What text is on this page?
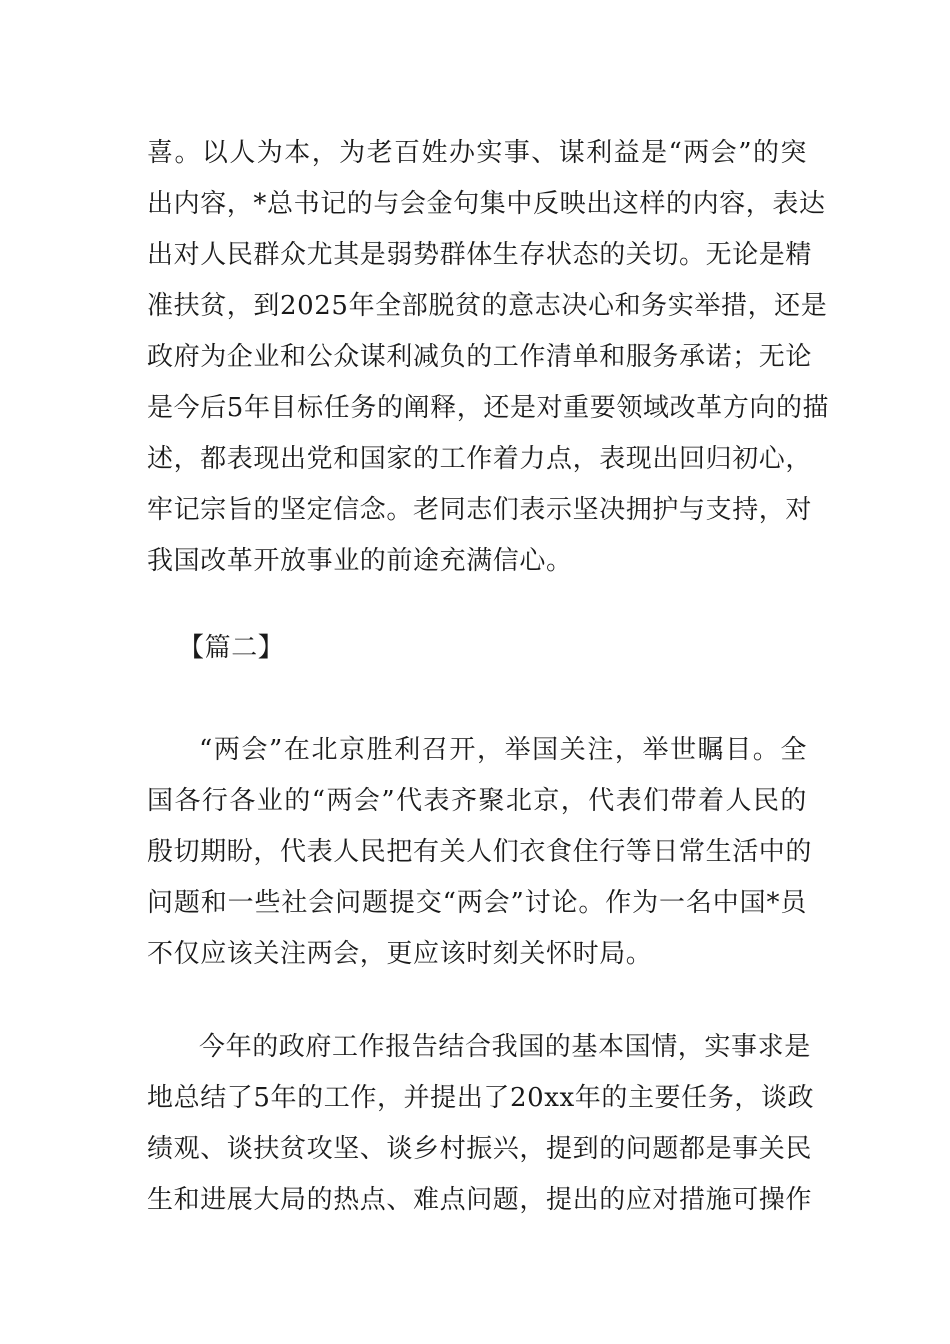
喜。以人为本，为老百姓办实事、谋利益是“两会”的突
出内容，*总书记的与会金句集中反映出这样的内容，表达
出对人民群众尤其是弱势群体生存状态的关切。无论是精
准扶贫，到2025年全部脱贫的意志决心和务实举措，还是
政府为企业和公众谋利减负的工作清单和服务承诺；无论
是今后5年目标任务的阐释，还是对重要领域改革方向的描
述，都表现出党和国家的工作着力点，表现出回归初心，
牢记宗旨的坚定信念。老同志们表示坚决拥护与支持，对
我国改革开放事业的前途充满信心。
【篇二】
“两会”在北京胜利召开，举国关注，举世瞩目。全
国各行各业的“两会”代表齐聚北京，代表们带着人民的
殷切期盼，代表人民把有关人们衣食住行等日常生活中的
问题和一些社会问题提交“两会”讨论。作为一名中国*员
不仅应该关注两会，更应该时刻关怀时局。
今年的政府工作报告结合我国的基本国情，实事求是
地总结了5年的工作，并提出了20xx年的主要任务，谈政
绩观、谈扶贫攻坚、谈乡村振兴，提到的问题都是事关民
生和进展大局的热点、难点问题，提出的应对措施可操作
